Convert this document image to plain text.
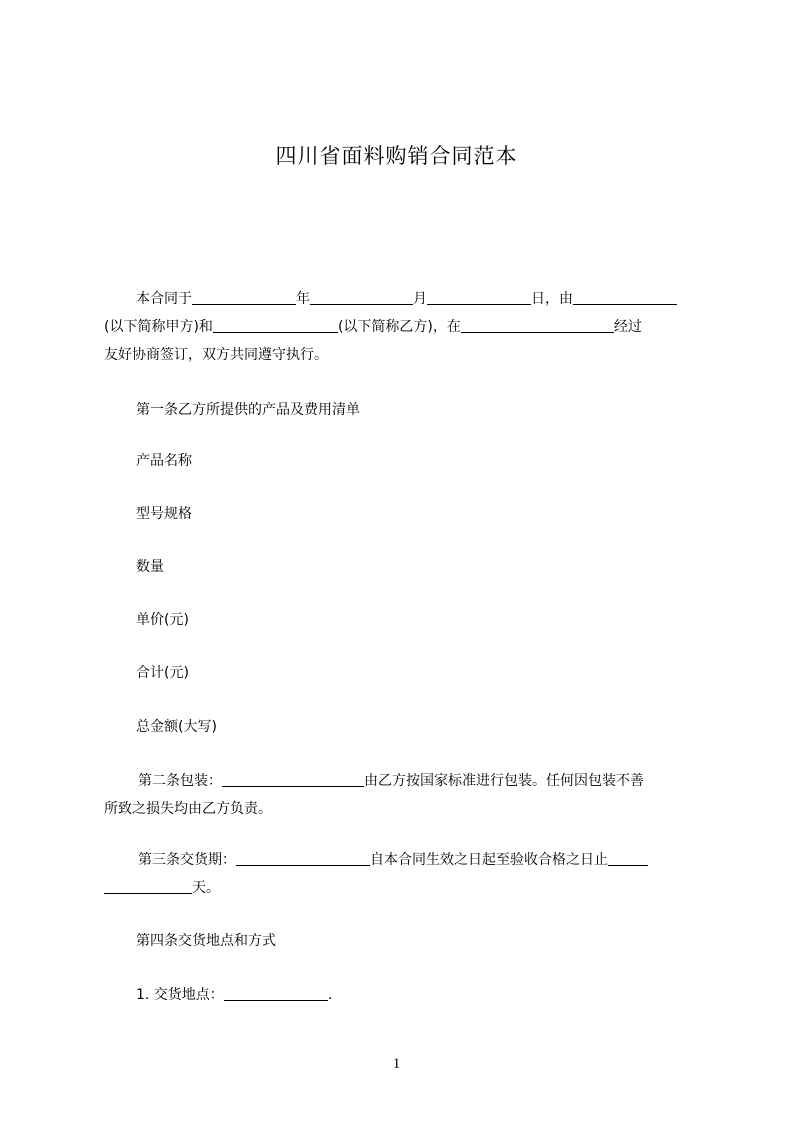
四川省面料购销合同范本
本合同于	年	月	日，由
(以下简称甲方)和	(以下简称乙方)，在	经过
友好协商签订，双方共同遵守执行。
第一条乙方所提供的产品及费用清单
产品名称
型号规格
数量
单价(元)
合计(元)
总金额(大写)
第二条包装：	由乙方按国家标准进行包装。任何因包装不善
所致之损失均由乙方负责。
第三条交货期：	自本合同生效之日起至验收合格之日止
天。
第四条交货地点和方式
1. 交货地点：	.
1
